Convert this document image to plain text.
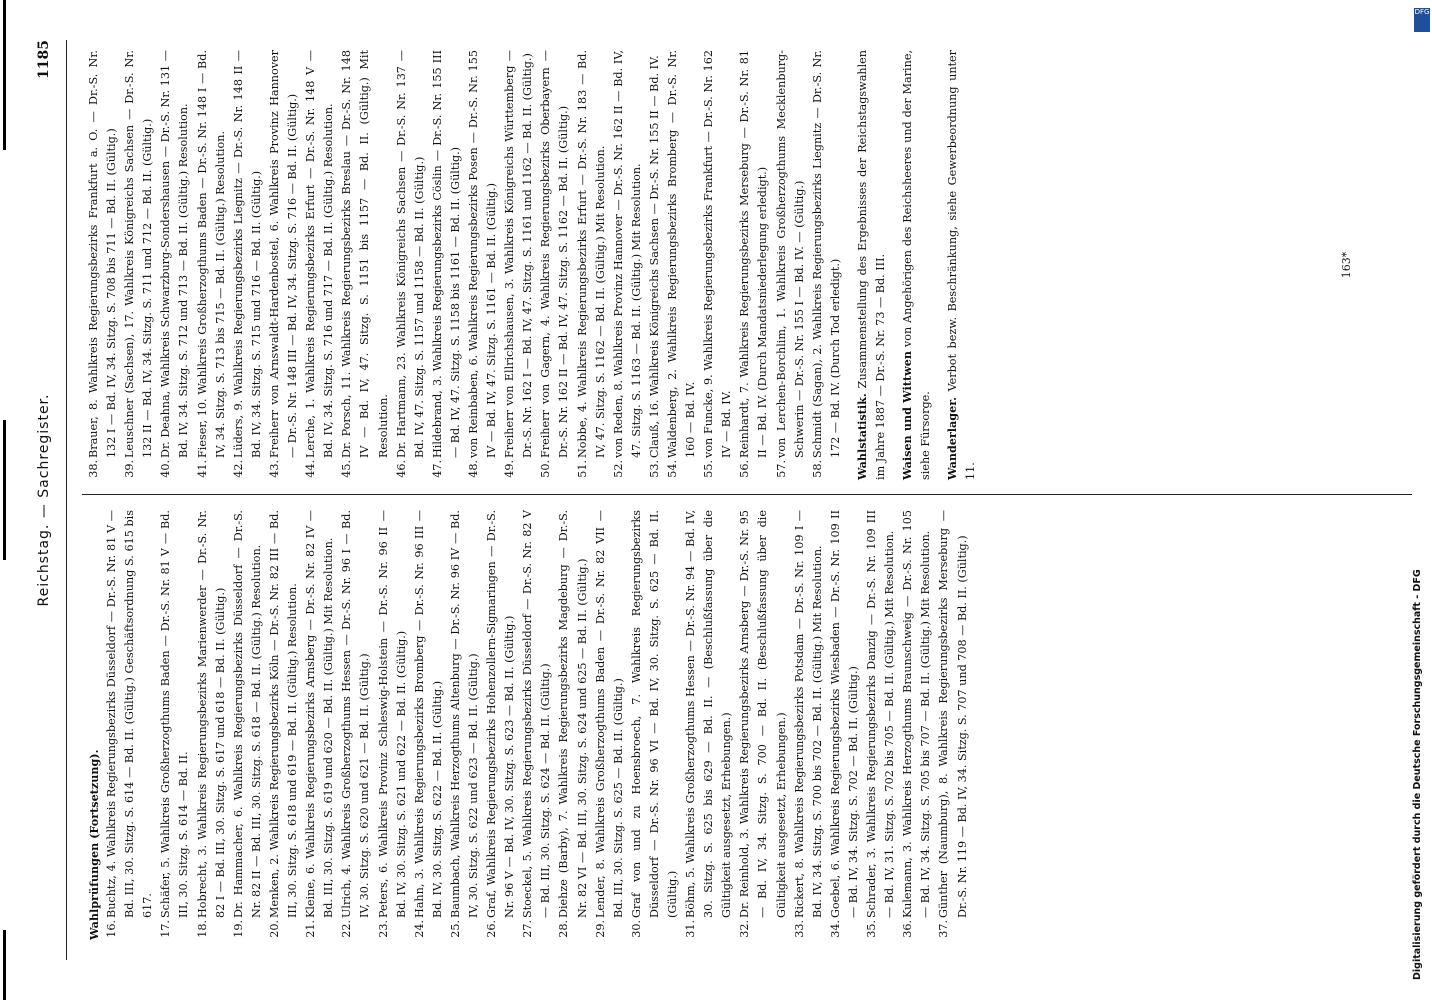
Reichstag. — Sachregister.
1185
Wahlprüfungen (Fortsetzung). 16.
Buchtz, 4. Wahlkreis Regierungsbezirks Düsseldorf — Dr.-S. Nr. 81 V — Bd. III, 30. Sitzg. S. 614 — Bd. II. (Gültig.) Geschäftsordnung S. 615 bis 617.
17.
Schäfer, 5. Wahlkreis Großherzogthums Baden — Dr.-S. Nr. 81 V — Bd. III, 30. Sitzg. S. 614 — Bd. II.
18.
Hobrecht, 3. Wahlkreis Regierungsbezirks Marienwerder — Dr.-S. Nr. 82 I — Bd. III, 30. Sitzg. S. 617 und 618 — Bd. II. (Gültig.)
19.
Dr. Hammacher, 6. Wahlkreis Regierungsbezirks Düsseldorf — Dr.-S. Nr. 82 II — Bd. III, 30. Sitzg. S. 618 — Bd. II. (Gültig.) Resolution.
20.
Menken, 2. Wahlkreis Regierungsbezirks Köln — Dr.-S. Nr. 82 III — Bd. III, 30. Sitzg. S. 618 und 619 — Bd. II. (Gültig.) Resolution.
21.
Kleine, 6. Wahlkreis Regierungsbezirks Arnsberg — Dr.-S. Nr. 82 IV — Bd. III, 30. Sitzg. S. 619 und 620 — Bd. II. (Gültig.) Mit Resolution.
22.
Ulrich, 4. Wahlkreis Großherzogthums Hessen — Dr.-S. Nr. 96 I — Bd. IV, 30. Sitzg. S. 620 und 621 — Bd. II. (Gültig.)
23.
Peters, 6. Wahlkreis Provinz Schleswig-Holstein — Dr.-S. Nr. 96 II — Bd. IV, 30. Sitzg. S. 621 und 622 — Bd. II. (Gültig.)
24.
Hahn, 3. Wahlkreis Regierungsbezirks Bromberg — Dr.-S. Nr. 96 III — Bd. IV, 30. Sitzg. S. 622 — Bd. II. (Gültig.)
25.
Baumbach, Wahlkreis Herzogthums Altenburg — Dr.-S. Nr. 96 IV — Bd. IV, 30. Sitzg. S. 622 und 623 — Bd. II. (Gültig.)
26.
Graf, Wahlkreis Regierungsbezirks Hohenzollern-Sigmaringen — Dr.-S. Nr. 96 V — Bd. IV, 30. Sitzg. S. 623 — Bd. II. (Gültig.)
27.
Stoeckel, 5. Wahlkreis Regierungsbezirks Düsseldorf — Dr.-S. Nr. 82 V — Bd. III, 30. Sitzg. S. 624 — Bd. II. (Gültig.)
28.
Diehze (Barby), 7. Wahlkreis Regierungsbezirks Magdeburg — Dr.-S. Nr. 82 VI — Bd. III, 30. Sitzg. S. 624 und 625 — Bd. II. (Gültig.)
29.
Lender, 8. Wahlkreis Großherzogthums Baden — Dr.-S. Nr. 82 VII — Bd. III, 30. Sitzg. S. 625 — Bd. II. (Gültig.)
30.
Graf von und zu Hoensbroech, 7. Wahlkreis Regierungsbezirks Düsseldorf — Dr.-S. Nr. 96 VI — Bd. IV, 30. Sitzg. S. 625 — Bd. II. (Gültig.)
31.
Böhm, 5. Wahlkreis Großherzogthums Hessen — Dr.-S. Nr. 94 — Bd. IV, 30. Sitzg. S. 625 bis 629 — Bd. II. — (Beschlußfassung über die Gültigkeit ausgesetzt, Erhebungen.)
32.
Dr. Reinhold, 3. Wahlkreis Regierungsbezirks Arnsberg — Dr.-S. Nr. 95 — Bd. IV, 34. Sitzg. S. 700 — Bd. II. (Beschlußfassung über die Gültigkeit ausgesetzt, Erhebungen.)
33.
Rickert, 8. Wahlkreis Regierungsbezirks Potsdam — Dr.-S. Nr. 109 I — Bd. IV, 34. Sitzg. S. 700 bis 702 — Bd. II. (Gültig.) Mit Resolution.
34.
Goebel, 6. Wahlkreis Regierungsbezirks Wiesbaden — Dr.-S. Nr. 109 II — Bd. IV, 34. Sitzg. S. 702 — Bd. II. (Gültig.)
35.
Schrader, 3. Wahlkreis Regierungsbezirks Danzig — Dr.-S. Nr. 109 III — Bd. IV, 31. Sitzg. S. 702 bis 705 — Bd. II. (Gültig.) Mit Resolution.
36.
Kulemann, 3. Wahlkreis Herzogthums Braunschweig — Dr.-S. Nr. 105 — Bd. IV, 34. Sitzg. S. 705 bis 707 — Bd. II. (Gültig.) Mit Resolution.
37.
Günther (Naumburg), 8. Wahlkreis Regierungsbezirks Merseburg — Dr.-S. Nr. 119 — Bd. IV, 34. Sitzg. S. 707 und 708 — Bd. II. (Gültig.)
38.
Brauer, 8. Wahlkreis Regierungsbezirks Frankfurt a. O. — Dr.-S. Nr. 132 I — Bd. IV, 34. Sitzg. S. 708 bis 711 — Bd. II. (Gültig.)
39.
Leuschner (Sachsen), 17. Wahlkreis Königreichs Sachsen — Dr.-S. Nr. 132 II — Bd. IV, 34. Sitzg. S. 711 und 712 — Bd. II. (Gültig.)
40.
Dr. Deahna, Wahlkreis Schwarzburg-Sondershausen — Dr.-S. Nr. 131 — Bd. IV, 34. Sitzg. S. 712 und 713 — Bd. II. (Gültig.) Resolution.
41.
Fieser, 10. Wahlkreis Großherzogthums Baden — Dr.-S. Nr. 148 I — Bd. IV, 34. Sitzg. S. 713 bis 715 — Bd. II. (Gültig.) Resolution.
42.
Lüders, 9. Wahlkreis Regierungsbezirks Liegnitz — Dr.-S. Nr. 148 II — Bd. IV, 34. Sitzg. S. 715 und 716 — Bd. II. (Gültig.)
43.
Freiherr von Arnswaldt-Hardenbostel, 6. Wahlkreis Provinz Hannover — Dr.-S. Nr. 148 III — Bd. IV, 34. Sitzg. S. 716 — Bd. II. (Gültig.)
44.
Lerche, 1. Wahlkreis Regierungsbezirks Erfurt — Dr.-S. Nr. 148 V — Bd. IV, 34. Sitzg. S. 716 und 717 — Bd. II. (Gültig.) Resolution.
45.
Dr. Porsch, 11. Wahlkreis Regierungsbezirks Breslau — Dr.-S. Nr. 148 IV — Bd. IV, 47. Sitzg. S. 1151 bis 1157 — Bd. II. (Gültig.) Mit Resolution.
46.
Dr. Hartmann, 23. Wahlkreis Königreichs Sachsen — Dr.-S. Nr. 137 — Bd. IV, 47. Sitzg. S. 1157 und 1158 — Bd. II. (Gültig.)
47.
Hildebrand, 3. Wahlkreis Regierungsbezirks Cöslin — Dr.-S. Nr. 155 III — Bd. IV, 47. Sitzg. S. 1158 bis 1161 — Bd. II. (Gültig.)
48.
von Reinbaben, 6. Wahlkreis Regierungsbezirks Posen — Dr.-S. Nr. 155 IV — Bd. IV, 47. Sitzg. S. 1161 — Bd. II. (Gültig.)
49.
Freiherr von Ellrichshausen, 3. Wahlkreis Königreichs Württemberg — Dr.-S. Nr. 162 I — Bd. IV, 47. Sitzg. S. 1161 und 1162 — Bd. II. (Gültig.)
50.
Freiherr von Gagern, 4. Wahlkreis Regierungsbezirks Oberbayern — Dr.-S. Nr. 162 II — Bd. IV, 47. Sitzg. S. 1162 — Bd. II. (Gültig.)
51.
Nobbe, 4. Wahlkreis Regierungsbezirks Erfurt — Dr.-S. Nr. 183 — Bd. IV, 47. Sitzg. S. 1162 — Bd. II. (Gültig.) Mit Resolution.
52.
von Reden, 8. Wahlkreis Provinz Hannover — Dr.-S. Nr. 162 II — Bd. IV, 47. Sitzg. S. 1163 — Bd. II. (Gültig.) Mit Resolution.
53.
Clauß, 16. Wahlkreis Königreichs Sachsen — Dr.-S. Nr. 155 II — Bd. IV.
54.
Waldenberg, 2. Wahlkreis Regierungsbezirks Bromberg — Dr.-S. Nr. 160 — Bd. IV.
55.
von Funcke, 9. Wahlkreis Regierungsbezirks Frankfurt — Dr.-S. Nr. 162 IV — Bd. IV.
56.
Reinhardt, 7. Wahlkreis Regierungsbezirks Merseburg — Dr.-S. Nr. 81 II — Bd. IV. (Durch Mandatsniederlegung erledigt.)
57.
von Lerchen-Borchlim, 1. Wahlkreis Großherzogthums Mecklenburg-Schwerin — Dr.-S. Nr. 155 I — Bd. IV. — (Gültig.)
58.
Schmidt (Sagan), 2. Wahlkreis Regierungsbezirks Liegnitz — Dr.-S. Nr. 172 — Bd. IV. (Durch Tod erledigt.) Wahlstatistik. Zusammenstellung des Ergebnisses der Reichstagswahlen im Jahre 1887 — Dr.-S. Nr. 73 — Bd. III. Waisen und Wittwen von Angehörigen des Reichsheeres und der Marine, siehe Fürsorge. Wanderlager. Verbot bezw. Beschränkung, siehe Gewerbeordnung unter 11.
163*
DFG
Digitalisierung gefördert durch die Deutsche Forschungsgemeinschaft - DFG
